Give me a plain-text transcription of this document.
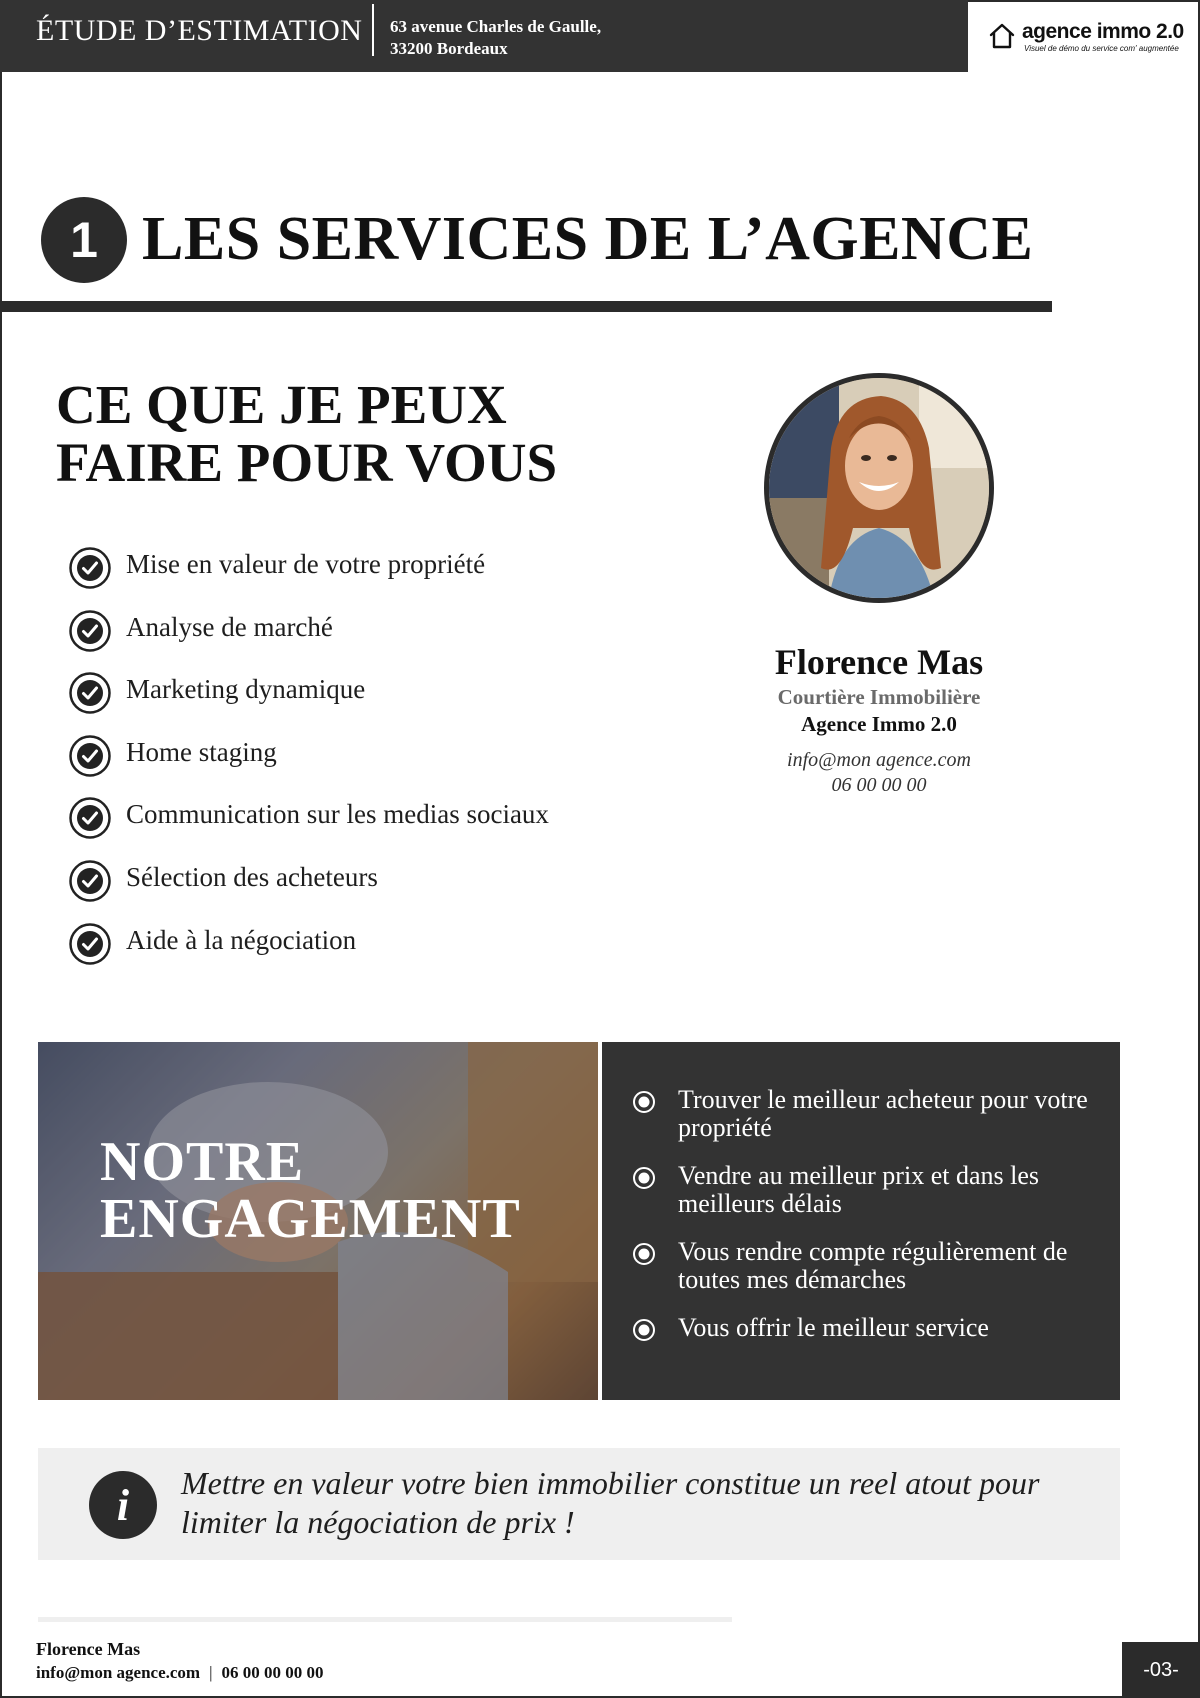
ÉTUDE D’ESTIMATION 63 avenue Charles de Gaulle,
33200 Bordeaux
agence immo 2.0
Visuel de démo du service com' augmentée
1 LES SERVICES DE L’AGENCE
CE QUE JE PEUX
FAIRE POUR VOUS
Mise en valeur de votre propriété
Analyse de marché
Marketing dynamique
Home staging
Communication sur les medias sociaux
Sélection des acheteurs
Aide à la négociation
Florence Mas
Courtière Immobilière
Agence Immo 2.0
info@mon agence.com
06 00 00 00
NOTRE
ENGAGEMENT
Trouver le meilleur acheteur pour votre propriété
Vendre au meilleur prix et dans les meilleurs délais
Vous rendre compte régulièrement de toutes mes démarches
Vous offrir le meilleur service
i	Mettre en valeur votre bien immobilier constitue un reel atout pour limiter la négociation de prix !
Florence Mas
info@mon agence.com | 06 00 00 00 00	-03-
